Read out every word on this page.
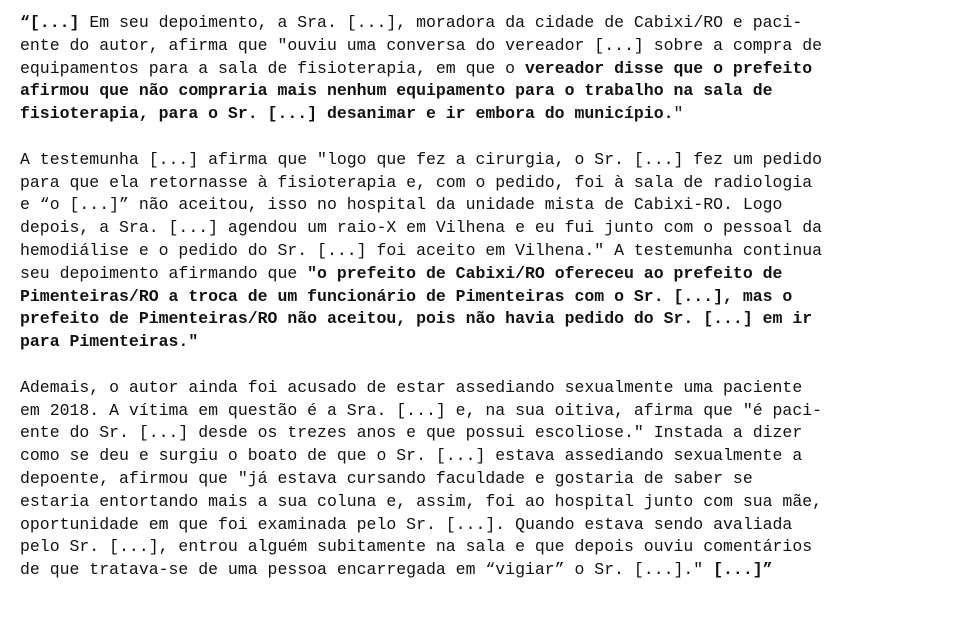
“[...] Em seu depoimento, a Sra. [...], moradora da cidade de Cabixi/RO e paci-
ente do autor, afirma que "ouviu uma conversa do vereador [...] sobre a compra de
equipamentos para a sala de fisioterapia, em que o vereador disse que o prefeito
afirmou que não compraria mais nenhum equipamento para o trabalho na sala de
fisioterapia, para o Sr. [...] desanimar e ir embora do município."
A testemunha [...] afirma que "logo que fez a cirurgia, o Sr. [...] fez um pedido
para que ela retornasse à fisioterapia e, com o pedido, foi à sala de radiologia
e “o [...]” não aceitou, isso no hospital da unidade mista de Cabixi-RO. Logo
depois, a Sra. [...] agendou um raio-X em Vilhena e eu fui junto com o pessoal da
hemodiálise e o pedido do Sr. [...] foi aceito em Vilhena." A testemunha continua
seu depoimento afirmando que "o prefeito de Cabixi/RO ofereceu ao prefeito de
Pimenteiras/RO a troca de um funcionário de Pimenteiras com o Sr. [...], mas o
prefeito de Pimenteiras/RO não aceitou, pois não havia pedido do Sr. [...] em ir
para Pimenteiras."
Ademais, o autor ainda foi acusado de estar assediando sexualmente uma paciente
em 2018. A vítima em questão é a Sra. [...] e, na sua oitiva, afirma que "é paci-
ente do Sr. [...] desde os trezes anos e que possui escoliose." Instada a dizer
como se deu e surgiu o boato de que o Sr. [...] estava assediando sexualmente a
depoente, afirmou que "já estava cursando faculdade e gostaria de saber se
estaria entortando mais a sua coluna e, assim, foi ao hospital junto com sua mãe,
oportunidade em que foi examinada pelo Sr. [...]. Quando estava sendo avaliada
pelo Sr. [...], entrou alguém subitamente na sala e que depois ouviu comentários
de que tratava-se de uma pessoa encarregada em “vigiar” o Sr. [...]." [...]”
